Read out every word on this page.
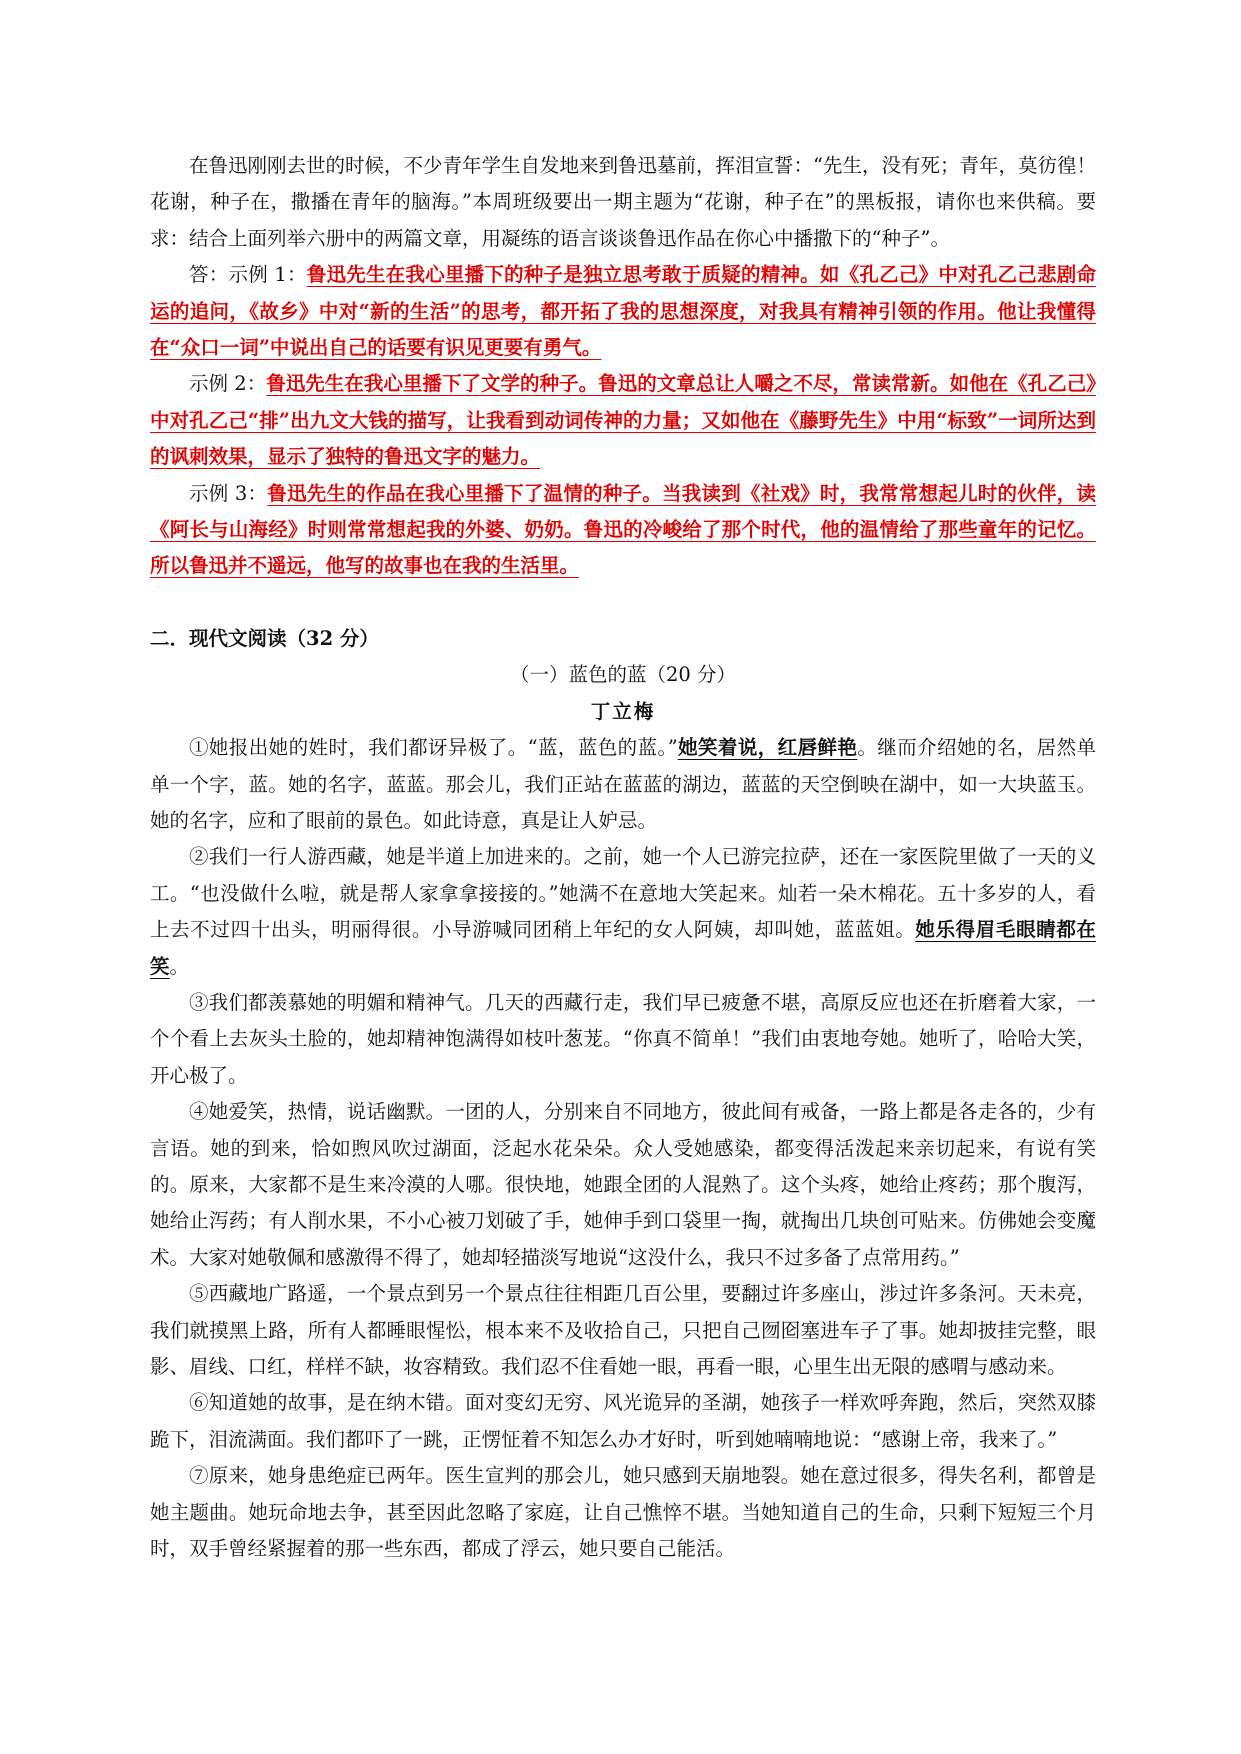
在鲁迅刚刚去世的时候，不少青年学生自发地来到鲁迅墓前，挥泪宣誓：“先生，没有死；青年，莫彷徨！花谢，种子在，撒播在青年的脑海。”本周班级要出一期主题为“花谢，种子在”的黑板报，请你也来供稿。要求：结合上面列举六册中的两篇文章，用凝练的语言谈谈鲁迅作品在你心中播撒下的“种子”。

答：示例 1：鲁迅先生在我心里播下的种子是独立思考敢于质疑的精神。如《孔乙己》中对孔乙己悲剧命运的追问，《故乡》中对“新的生活”的思考，都开拓了我的思想深度，对我具有精神引领的作用。他让我懂得在“众口一词”中说出自己的话要有识见更要有勇气。

示例 2：鲁迅先生在我心里播下了文学的种子。鲁迅的文章总让人嚼之不尽，常读常新。如他在《孔乙己》中对孔乙己“排”出九文大钱的描写，让我看到动词传神的力量；又如他在《藤野先生》中用“标致”一词所达到的讽刺效果，显示了独特的鲁迅文字的魅力。

示例 3：鲁迅先生的作品在我心里播下了温情的种子。当我读到《社戏》时，我常常想起儿时的伙伴，读《阿长与山海经》时则常常想起我的外婆、奶奶。鲁迅的冷峻给了那个时代，他的温情给了那些童年的记忆。所以鲁迅并不遥远，他写的故事也在我的生活里。

二．现代文阅读（32 分）

（一）蓝色的蓝（20 分）

丁立梅

①她报出她的姓时，我们都讶异极了。“蓝，蓝色的蓝。”她笑着说，红唇鲜艳。继而介绍她的名，居然单单一个字，蓝。她的名字，蓝蓝。那会儿，我们正站在蓝蓝的湖边，蓝蓝的天空倒映在湖中，如一大块蓝玉。她的名字，应和了眼前的景色。如此诗意，真是让人妒忌。

②我们一行人游西藏，她是半道上加进来的。之前，她一个人已游完拉萨，还在一家医院里做了一天的义工。“也没做什么啦，就是帮人家拿拿接接的。”她满不在意地大笑起来。灿若一朵木棉花。五十多岁的人，看上去不过四十出头，明丽得很。小导游喊同团稍上年纪的女人阿姨，却叫她，蓝蓝姐。她乐得眉毛眼睛都在笑。

③我们都羡慕她的明媚和精神气。几天的西藏行走，我们早已疲惫不堪，高原反应也还在折磨着大家，一个个看上去灰头土脸的，她却精神饱满得如枝叶葱茏。“你真不简单！”我们由衷地夸她。她听了，哈哈大笑，开心极了。

④她爱笑，热情，说话幽默。一团的人，分别来自不同地方，彼此间有戒备，一路上都是各走各的，少有言语。她的到来，恰如煦风吹过湖面，泛起水花朵朵。众人受她感染，都变得活泼起来亲切起来，有说有笑的。原来，大家都不是生来冷漠的人哪。很快地，她跟全团的人混熟了。这个头疼，她给止疼药；那个腹泻，她给止泻药；有人削水果，不小心被刀划破了手，她伸手到口袋里一掏，就掏出几块创可贴来。仿佛她会变魔术。大家对她敬佩和感激得不得了，她却轻描淡写地说“这没什么，我只不过多备了点常用药。”

⑤西藏地广路遥，一个景点到另一个景点往往相距几百公里，要翻过许多座山，涉过许多条河。天未亮，我们就摸黑上路，所有人都睡眼惺忪，根本来不及收拾自己，只把自己囫囵塞进车子了事。她却披挂完整，眼影、眉线、口红，样样不缺，妆容精致。我们忍不住看她一眼，再看一眼，心里生出无限的感喟与感动来。

⑥知道她的故事，是在纳木错。面对变幻无穷、风光诡异的圣湖，她孩子一样欢呼奔跑，然后，突然双膝跪下，泪流满面。我们都吓了一跳，正愣怔着不知怎么办才好时，听到她喃喃地说：“感谢上帝，我来了。”

⑦原来，她身患绝症已两年。医生宣判的那会儿，她只感到天崩地裂。她在意过很多，得失名利，都曾是她主题曲。她玩命地去争，甚至因此忽略了家庭，让自己憔悴不堪。当她知道自己的生命，只剩下短短三个月时，双手曾经紧握着的那一些东西，都成了浮云，她只要自己能活。
